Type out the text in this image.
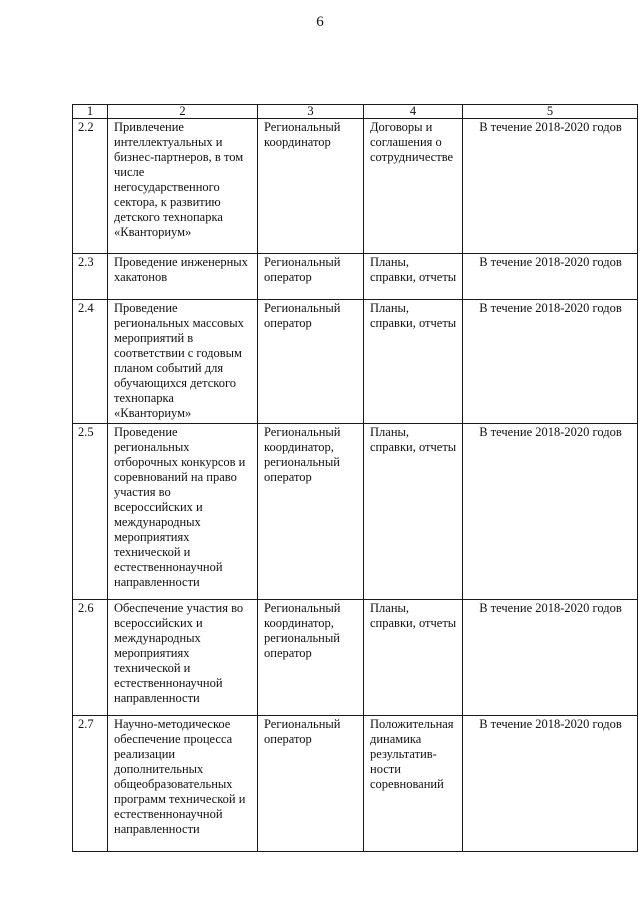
6
1	2	3	4	5
2.2	Привлечение интеллектуальных и бизнес-партнеров, в том числе негосударственного сектора, к развитию детского технопарка «Кванториум»	Региональный координатор	Договоры и соглашения о сотрудничестве	В течение 2018-2020 годов
2.3	Проведение инженерных хакатонов	Региональный оператор	Планы, справки, отчеты	В течение 2018-2020 годов
2.4	Проведение региональных массовых мероприятий в соответствии с годовым планом событий для обучающихся детского технопарка «Кванториум»	Региональный оператор	Планы, справки, отчеты	В течение 2018-2020 годов
2.5	Проведение региональных отборочных конкурсов и соревнований на право участия во всероссийских и международных мероприятиях технической и естественнонаучной направленности	Региональный координатор, региональный оператор	Планы, справки, отчеты	В течение 2018-2020 годов
2.6	Обеспечение участия во всероссийских и международных мероприятиях технической и естественнонаучной направленности	Региональный координатор, региональный оператор	Планы, справки, отчеты	В течение 2018-2020 годов
2.7	Научно-методическое обеспечение процесса реализации дополнительных общеобразовательных программ технической и естественнонаучной направленности	Региональный оператор	Положительная динамика результатив-ности соревнований	В течение 2018-2020 годов
